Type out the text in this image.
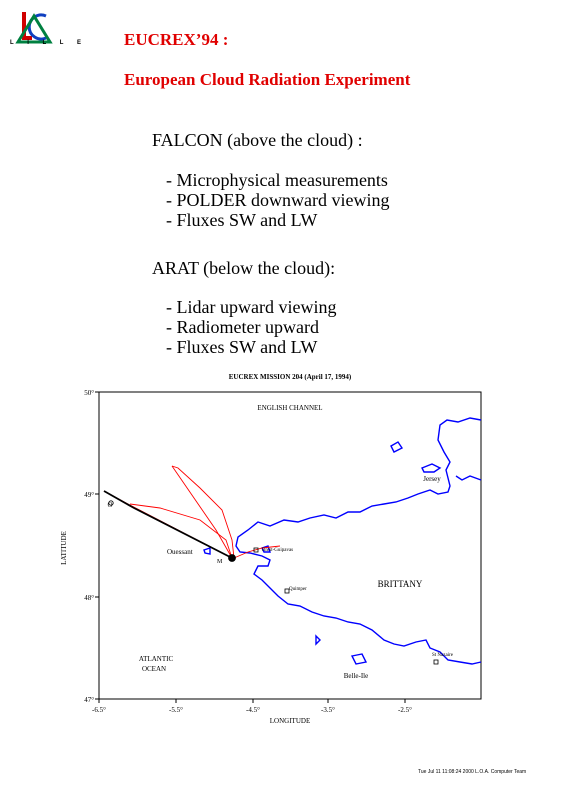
L I L L E EUCREX’94 :
European Cloud Radiation Experiment
FALCON (above the cloud) :
- Microphysical measurements
- POLDER downward viewing
- Fluxes SW and LW
ARAT (below the cloud):
- Lidar upward viewing
- Radiometer upward
- Fluxes SW and LW
EUCREX MISSION 204 (April 17, 1994)
-6.5°	-5.5°	-4.5°	-3.5°	-2.5°
LONGITUDE
50°
49°
48°
47°
LATITUDE
ENGLISH CHANNEL
Jersey
Ouessant	Brest-Guipavas
Quimper
BRITTANY
ATLANTIC
OCEAN
St Nazaire
Belle-Ile
O
M
Tue Jul 11 11:08:24 2000 L.O.A. Computer Team
